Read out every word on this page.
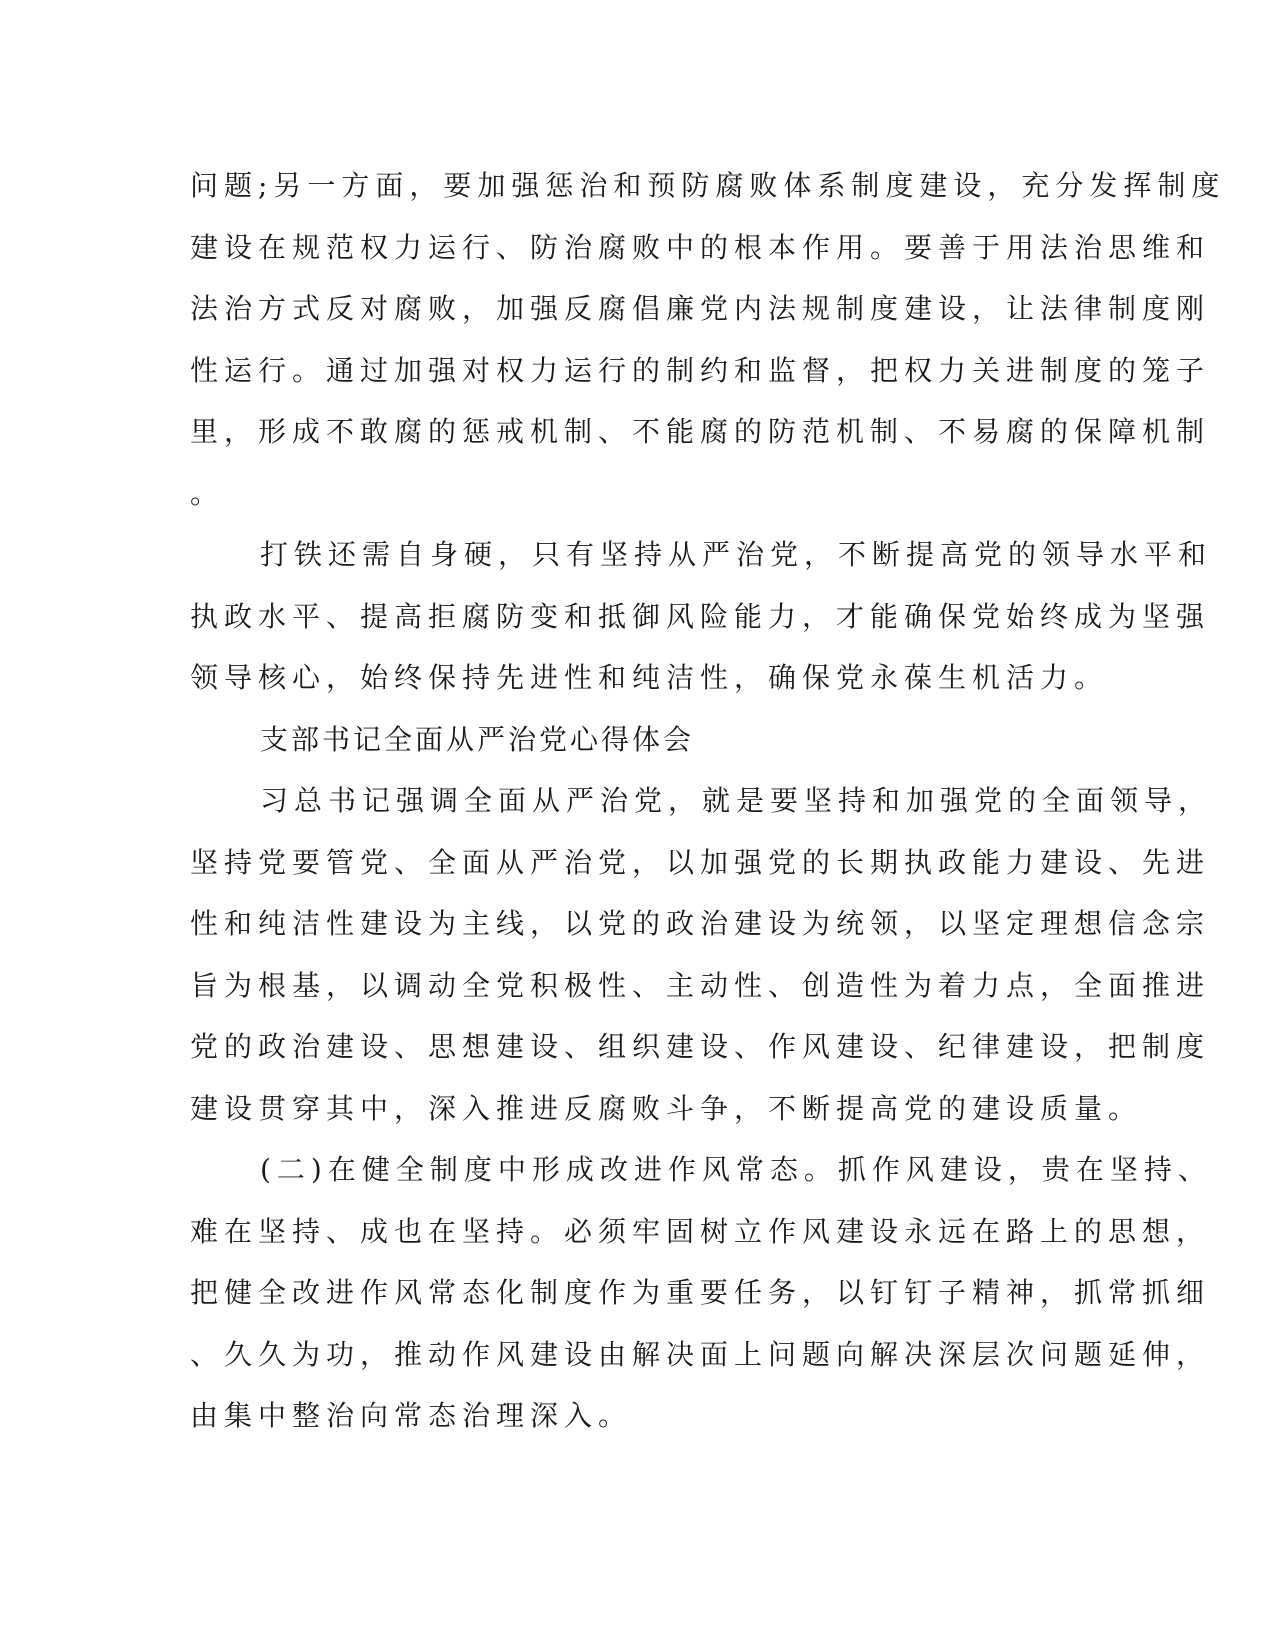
问题;另一方面，要加强惩治和预防腐败体系制度建设，充分发挥制度
建设在规范权力运行、防治腐败中的根本作用。要善于用法治思维和
法治方式反对腐败，加强反腐倡廉党内法规制度建设，让法律制度刚
性运行。通过加强对权力运行的制约和监督，把权力关进制度的笼子
里，形成不敢腐的惩戒机制、不能腐的防范机制、不易腐的保障机制
。
打铁还需自身硬，只有坚持从严治党，不断提高党的领导水平和
执政水平、提高拒腐防变和抵御风险能力，才能确保党始终成为坚强
领导核心，始终保持先进性和纯洁性，确保党永葆生机活力。
支部书记全面从严治党心得体会
习总书记强调全面从严治党，就是要坚持和加强党的全面领导，
坚持党要管党、全面从严治党，以加强党的长期执政能力建设、先进
性和纯洁性建设为主线，以党的政治建设为统领，以坚定理想信念宗
旨为根基，以调动全党积极性、主动性、创造性为着力点，全面推进
党的政治建设、思想建设、组织建设、作风建设、纪律建设，把制度
建设贯穿其中，深入推进反腐败斗争，不断提高党的建设质量。
(二)在健全制度中形成改进作风常态。抓作风建设，贵在坚持、
难在坚持、成也在坚持。必须牢固树立作风建设永远在路上的思想，
把健全改进作风常态化制度作为重要任务，以钉钉子精神，抓常抓细
、久久为功，推动作风建设由解决面上问题向解决深层次问题延伸，
由集中整治向常态治理深入。
